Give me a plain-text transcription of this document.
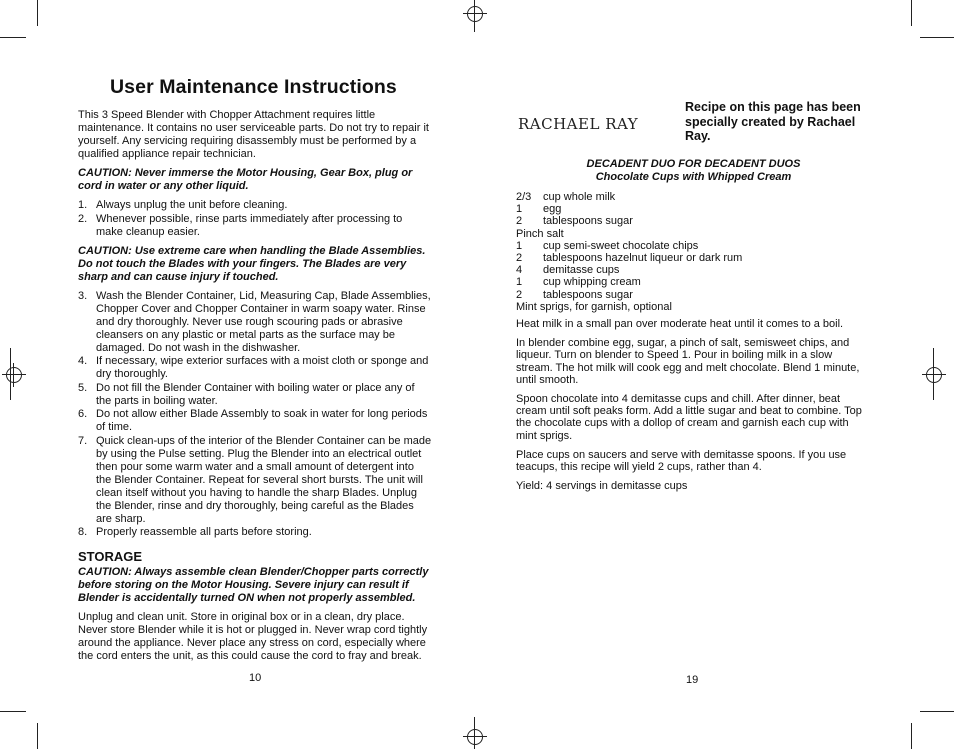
User Maintenance Instructions

This 3 Speed Blender with Chopper Attachment requires little maintenance. It contains no user serviceable parts. Do not try to repair it yourself. Any servicing requiring disassembly must be performed by a qualified appliance repair technician.

CAUTION: Never immerse the Motor Housing, Gear Box, plug or cord in water or any other liquid.

1. Always unplug the unit before cleaning.
2. Whenever possible, rinse parts immediately after processing to make cleanup easier.

CAUTION: Use extreme care when handling the Blade Assemblies. Do not touch the Blades with your fingers. The Blades are very sharp and can cause injury if touched.

3. Wash the Blender Container, Lid, Measuring Cap, Blade Assemblies, Chopper Cover and Chopper Container in warm soapy water. Rinse and dry thoroughly. Never use rough scouring pads or abrasive cleansers on any plastic or metal parts as the surface may be damaged. Do not wash in the dishwasher.
4. If necessary, wipe exterior surfaces with a moist cloth or sponge and dry thoroughly.
5. Do not fill the Blender Container with boiling water or place any of the parts in boiling water.
6. Do not allow either Blade Assembly to soak in water for long periods of time.
7. Quick clean-ups of the interior of the Blender Container can be made by using the Pulse setting. Plug the Blender into an electrical outlet then pour some warm water and a small amount of detergent into the Blender Container. Repeat for several short bursts. The unit will clean itself without you having to handle the sharp Blades. Unplug the Blender, rinse and dry thoroughly, being careful as the Blades are sharp.
8. Properly reassemble all parts before storing.
STORAGE

CAUTION: Always assemble clean Blender/Chopper parts correctly before storing on the Motor Housing. Severe injury can result if Blender is accidentally turned ON when not properly assembled.

Unplug and clean unit. Store in original box or in a clean, dry place. Never store Blender while it is hot or plugged in. Never wrap cord tightly around the appliance. Never place any stress on cord, especially where the cord enters the unit, as this could cause the cord to fray and break.

10
RACHAEL RAY
Recipe on this page has been specially created by Rachael Ray.
DECADENT DUO FOR DECADENT DUOS
Chocolate Cups with Whipped Cream
2/3 cup whole milk
1 egg
2 tablespoons sugar
Pinch salt
1 cup semi-sweet chocolate chips
2 tablespoons hazelnut liqueur or dark rum
4 demitasse cups
1 cup whipping cream
2 tablespoons sugar
Mint sprigs, for garnish, optional

Heat milk in a small pan over moderate heat until it comes to a boil.

In blender combine egg, sugar, a pinch of salt, semisweet chips, and liqueur. Turn on blender to Speed 1. Pour in boiling milk in a slow stream. The hot milk will cook egg and melt chocolate. Blend 1 minute, until smooth.

Spoon chocolate into 4 demitasse cups and chill. After dinner, beat cream until soft peaks form. Add a little sugar and beat to combine. Top the chocolate cups with a dollop of cream and garnish each cup with mint sprigs.

Place cups on saucers and serve with demitasse spoons. If you use teacups, this recipe will yield 2 cups, rather than 4.

Yield: 4 servings in demitasse cups

19
